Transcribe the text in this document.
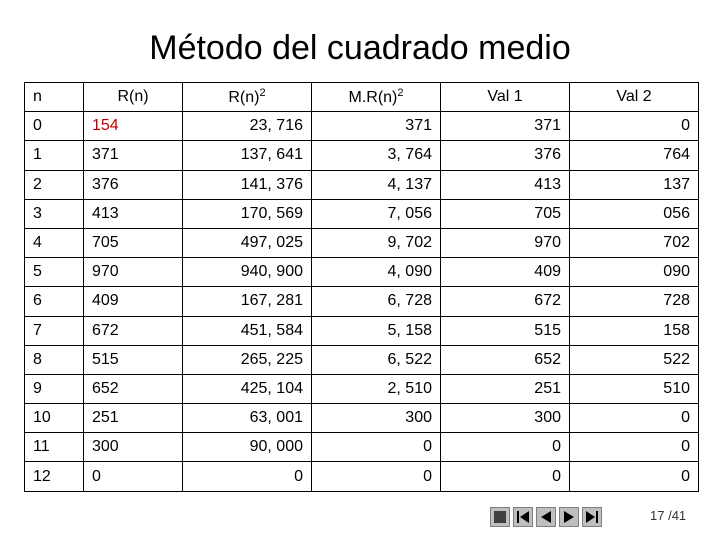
Método del cuadrado medio
n	R(n)	$R(n)^2$	$M.R(n)^2$	Val 1	Val 2
0	154	23, 716	371	371	0
1	371	137, 641	3, 764	376	764
2	376	141, 376	4, 137	413	137
3	413	170, 569	7, 056	705	056
4	705	497, 025	9, 702	970	702
5	970	940, 900	4, 090	409	090
6	409	167, 281	6, 728	672	728
7	672	451, 584	5, 158	515	158
8	515	265, 225	6, 522	652	522
9	652	425, 104	2, 510	251	510
10	251	63, 001	300	300	0
11	300	90, 000	0	0	0
12	0	0	0	0	0
17 /41
